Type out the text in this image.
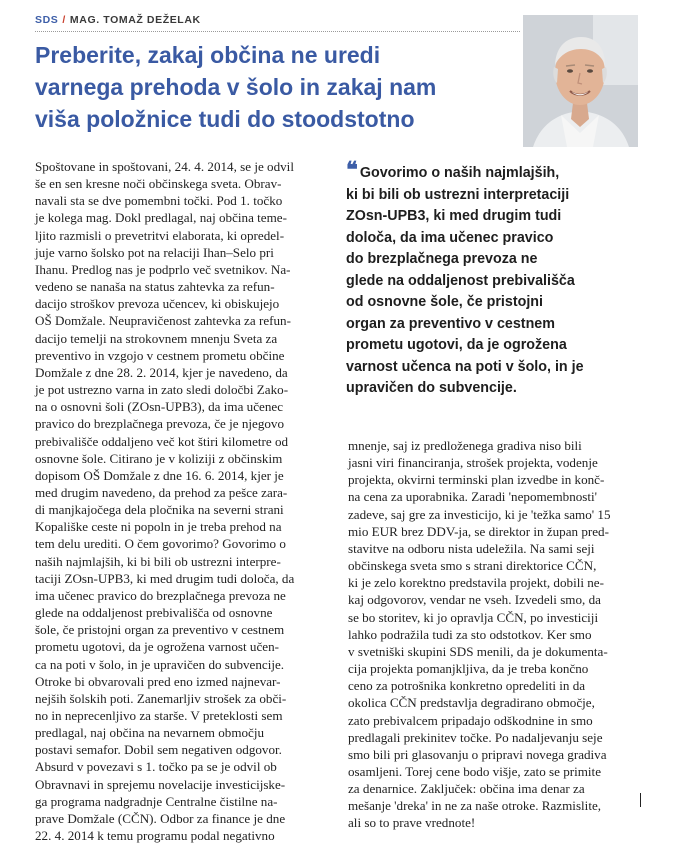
SDS / MAG. TOMAŽ DEŽELAK
Preberite, zakaj občina ne uredi
varnega prehoda v šolo in zakaj nam
viša položnice tudi do stoodstotno
❝ Govorimo o naših najmlajših,
ki bi bili ob ustrezni interpretaciji
ZOsn-UPB3, ki med drugim tudi
določa, da ima učenec pravico
do brezplačnega prevoza ne
glede na oddaljenost prebivališča
od osnovne šole, če pristojni
organ za preventivo v cestnem
prometu ugotovi, da je ogrožena
varnost učenca na poti v šolo, in je
upravičen do subvencije.
Spoštovane in spoštovani, 24. 4. 2014, se je odvil
še en sen kresne noči občinskega sveta. Obrav-
navali sta se dve pomembni točki. Pod 1. točko
je kolega mag. Dokl predlagal, naj občina teme-
ljito razmisli o prevetritvi elaborata, ki opredel-
juje varno šolsko pot na relaciji Ihan–Selo pri
Ihanu. Predlog nas je podprlo več svetnikov. Na-
vedeno se nanaša na status zahtevka za refun-
dacijo stroškov prevoza učencev, ki obiskujejo
OŠ Domžale. Neupravičenost zahtevka za refun-
dacijo temelji na strokovnem mnenju Sveta za
preventivo in vzgojo v cestnem prometu občine
Domžale z dne 28. 2. 2014, kjer je navedeno, da
je pot ustrezno varna in zato sledi določbi Zako-
na o osnovni šoli (ZOsn-UPB3), da ima učenec
pravico do brezplačnega prevoza, če je njegovo
prebivališče oddaljeno več kot štiri kilometre od
osnovne šole. Citirano je v koliziji z občinskim
dopisom OŠ Domžale z dne 16. 6. 2014, kjer je
med drugim navedeno, da prehod za pešce zara-
di manjkajočega dela pločnika na severni strani
Kopališke ceste ni popoln in je treba prehod na
tem delu urediti. O čem govorimo? Govorimo o
naših najmlajših, ki bi bili ob ustrezni interpre-
taciji ZOsn-UPB3, ki med drugim tudi določa, da
ima učenec pravico do brezplačnega prevoza ne
glede na oddaljenost prebivališča od osnovne
šole, če pristojni organ za preventivo v cestnem
prometu ugotovi, da je ogrožena varnost učen-
ca na poti v šolo, in je upravičen do subvencije.
Otroke bi obvarovali pred eno izmed najnevar-
nejših šolskih poti. Zanemarljiv strošek za obči-
no in neprecenljivo za starše. V preteklosti sem
predlagal, naj občina na nevarnem območju
postavi semafor. Dobil sem negativen odgovor.
Absurd v povezavi s 1. točko pa se je odvil ob
Obravnavi in sprejemu novelacije investicijske-
ga programa nadgradnje Centralne čistilne na-
prave Domžale (CČN). Odbor za finance je dne
22. 4. 2014 k temu programu podal negativno
mnenje, saj iz predloženega gradiva niso bili
jasni viri financiranja, strošek projekta, vodenje
projekta, okvirni terminski plan izvedbe in konč-
na cena za uporabnika. Zaradi 'nepomembnosti'
zadeve, saj gre za investicijo, ki je 'težka samo' 15
mio EUR brez DDV-ja, se direktor in župan pred-
stavitve na odboru nista udeležila. Na sami seji
občinskega sveta smo s strani direktorice CČN,
ki je zelo korektno predstavila projekt, dobili ne-
kaj odgovorov, vendar ne vseh. Izvedeli smo, da
se bo storitev, ki jo opravlja CČN, po investiciji
lahko podražila tudi za sto odstotkov. Ker smo
v svetniški skupini SDS menili, da je dokumenta-
cija projekta pomanjkljiva, da je treba končno
ceno za potrošnika konkretno opredeliti in da
okolica CČN predstavlja degradirano območje,
zato prebivalcem pripadajo odškodnine in smo
predlagali prekinitev točke. Po nadaljevanju seje
smo bili pri glasovanju o pripravi novega gradiva
osamljeni. Torej cene bodo višje, zato se primite
za denarnice. Zaključek: občina ima denar za
mešanje 'dreka' in ne za naše otroke. Razmislite,
ali so to prave vrednote!
